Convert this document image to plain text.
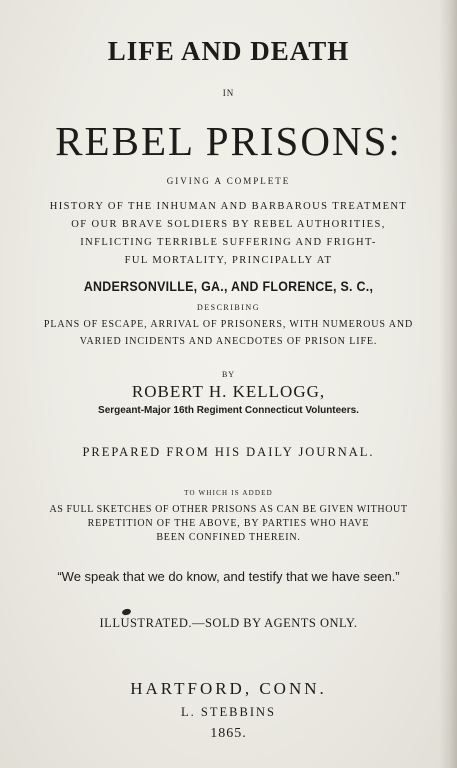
LIFE AND DEATH
IN
REBEL PRISONS:
GIVING A COMPLETE
HISTORY OF THE INHUMAN AND BARBAROUS TREATMENT
OF OUR BRAVE SOLDIERS BY REBEL AUTHORITIES,
INFLICTING TERRIBLE SUFFERING AND FRIGHT-
FUL MORTALITY, PRINCIPALLY AT
ANDERSONVILLE, GA., AND FLORENCE, S. C.,
DESCRIBING
PLANS OF ESCAPE, ARRIVAL OF PRISONERS, WITH NUMEROUS AND
VARIED INCIDENTS AND ANECDOTES OF PRISON LIFE.
BY
ROBERT H. KELLOGG,
Sergeant-Major 16th Regiment Connecticut Volunteers.
PREPARED FROM HIS DAILY JOURNAL.
TO WHICH IS ADDED
AS FULL SKETCHES OF OTHER PRISONS AS CAN BE GIVEN WITHOUT
REPETITION OF THE ABOVE, BY PARTIES WHO HAVE
BEEN CONFINED THEREIN.
“We speak that we do know, and testify that we have seen.”
ILLUSTRATED.—SOLD BY AGENTS ONLY.
HARTFORD, CONN.
L. STEBBINS
1865.
